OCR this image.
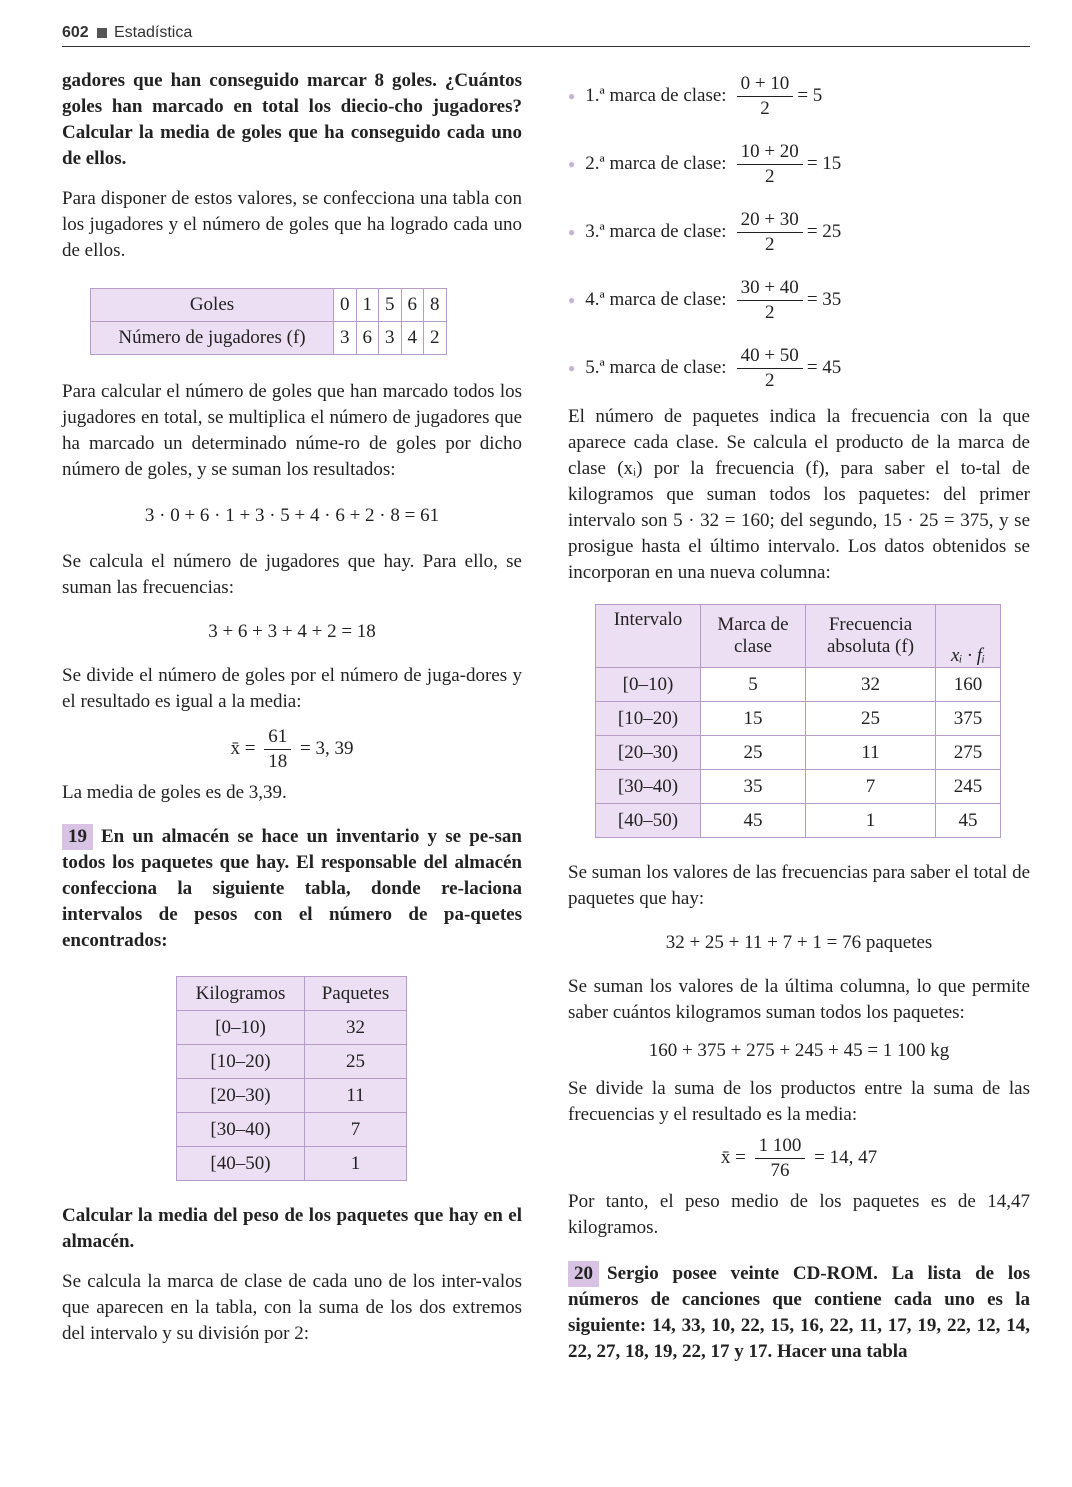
602 Estadística

gadores que han conseguido marcar 8 goles. ¿Cuántos goles han marcado en total los diecio-cho jugadores? Calcular la media de goles que ha conseguido cada uno de ellos.

Para disponer de estos valores, se confecciona una tabla con los jugadores y el número de goles que ha logrado cada uno de ellos.

Goles	0	1	5	6	8
Número de jugadores (f)	3	6	3	4	2

Para calcular el número de goles que han marcado todos los jugadores en total, se multiplica el número de jugadores que ha marcado un determinado núme-ro de goles por dicho número de goles, y se suman los resultados:

3 · 0 + 6 · 1 + 3 · 5 + 4 · 6 + 2 · 8 = 61

Se calcula el número de jugadores que hay. Para ello, se suman las frecuencias:

3 + 6 + 3 + 4 + 2 = 18

Se divide el número de goles por el número de juga-dores y el resultado es igual a la media:

x̄ = $\frac{61}{18} = 3$, 39

La media de goles es de 3,39.

19 En un almacén se hace un inventario y se pe-san todos los paquetes que hay. El responsable del almacén confecciona la siguiente tabla, donde re-laciona intervalos de pesos con el número de pa-quetes encontrados:

Kilogramos	Paquetes
[0–10)	32
[10–20)	25
[20–30)	11
[30–40)	7
[40–50)	1

Calcular la media del peso de los paquetes que hay en el almacén.

Se calcula la marca de clase de cada uno de los inter-valos que aparecen en la tabla, con la suma de los dos extremos del intervalo y su división por 2:

● 1.ª marca de clase: $\frac{0 + 10}{2} = 5$
● 2.ª marca de clase: $\frac{10 + 20}{2} = 15$
● 3.ª marca de clase: $\frac{20 + 30}{2} = 25$
● 4.ª marca de clase: $\frac{30 + 40}{2} = 35$
● 5.ª marca de clase: $\frac{40 + 50}{2} = 45$

El número de paquetes indica la frecuencia con la que aparece cada clase. Se calcula el producto de la marca de clase (xᵢ) por la frecuencia (f), para saber el to-tal de kilogramos que suman todos los paquetes: del primer intervalo son 5 · 32 = 160; del segundo, 15 · 25 = 375, y se prosigue hasta el último intervalo. Los datos obtenidos se incorporan en una nueva columna:

Intervalo	Marca de clase	Frecuencia absoluta (f)	xᵢ · fᵢ
[0–10)	5	32	160
[10–20)	15	25	375
[20–30)	25	11	275
[30–40)	35	7	245
[40–50)	45	1	45

Se suman los valores de las frecuencias para saber el total de paquetes que hay:

32 + 25 + 11 + 7 + 1 = 76 paquetes

Se suman los valores de la última columna, lo que permite saber cuántos kilogramos suman todos los paquetes:

160 + 375 + 275 + 245 + 45 = 1 100 kg

Se divide la suma de los productos entre la suma de las frecuencias y el resultado es la media:

x̄ = $\frac{1 100}{76} = 14$, 47

Por tanto, el peso medio de los paquetes es de 14,47 kilogramos.

20 Sergio posee veinte CD-ROM. La lista de los números de canciones que contiene cada uno es la siguiente: 14, 33, 10, 22, 15, 16, 22, 11, 17, 19, 22, 12, 14, 22, 27, 18, 19, 22, 17 y 17. Hacer una tabla
